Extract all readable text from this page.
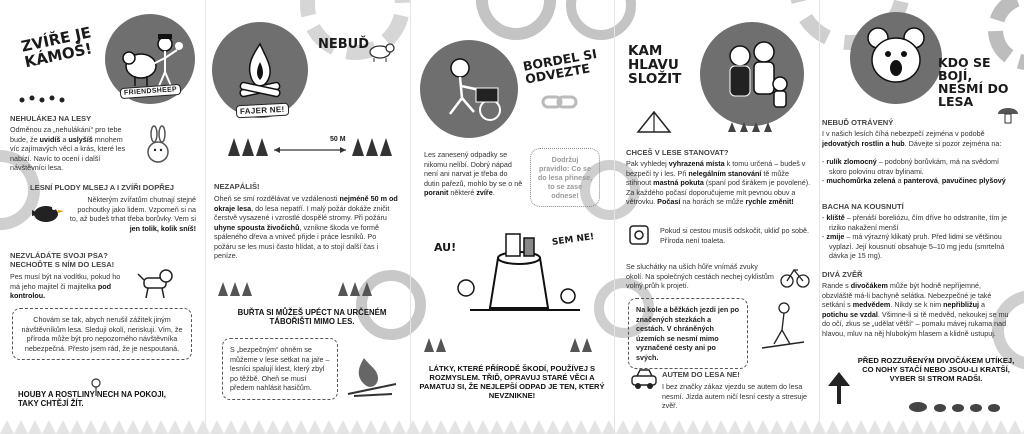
ZVÍŘE JE KÁMOŠ!
FRIENDSHEEP
NEHULÁKEJ NA LESY
Odměnou za „nehulákání“ pro tebe bude, že uvidíš a uslyšíš mnohem víc zajímavých věcí a krás, které les nabízí. Navíc to ocení i další návštěvníci lesa.
LESNÍ PLODY MLSEJ A I ZVÍŘI DOPŘEJ
Některým zvířatům chutnají stejné pochoutky jako lidem. Vzpomeň si na to, až budeš trhat třeba borůvky. Vem si jen tolik, kolik sníš!
NEZVLÁDÁTE SVOJI PSA? NECHOĎTE S NÍM DO LESA!
Pes musí být na vodítku, pokud ho má jeho majitel či majitelka pod kontrolou.
Chovám se tak, abych nerušil zážitek jiným návštěvníkům lesa. Sleduji okolí, neriskuji. Vím, že příroda může být pro nepozorného návštěvníka nebezpečná. Přesto jsem rád, že je nespoutaná.
HOUBY A ROSTLINY NECH NA POKOJI, TAKY CHTĚJÍ ŽÍT.
FAJER NE!
NEBUĎ
50 M
NEZAPÁLIŠ!
Oheň se smí rozdělávat ve vzdálenosti nejméně 50 m od okraje lesa, do lesa nepatří. I malý požár dokáže zničit čerstvě vysazené i vzrostlé dospělé stromy. Při požáru uhyne spousta živočichů, vznikne škoda ve formě spáleného dřeva a vniveč přijde i práce lesníků. Po požáru se les musí často hlídat, a to stojí další čas i peníze.
BUŘTA SI MŮŽEŠ UPÉCT NA URČENÉM TÁBOŘIŠTI MIMO LES.
S „bezpečným“ ohněm se můžeme v lese setkat na jaře – lesníci spalují klest, který zbyl po těžbě. Oheň se musí předem nahlásit hasičům.
BORDEL SI ODVEZTE
Les zanesený odpadky se nikomu nelíbí. Dobrý nápad není ani narvat je třeba do dutin pařezů, mohlo by se o ně poranit některé zvíře.
Dodržuj pravidlo: Co se do lesa přinese, to se zase odnese!
AU!	SEM NE!
LÁTKY, KTERÉ PŘÍRODĚ ŠKODÍ, POUŽÍVEJ S ROZMYSLEM. TŘIĎ, OPRAVUJ STARÉ VĚCI A PAMATUJ SI, ŽE NEJLEPŠÍ ODPAD JE TEN, KTERÝ NEVZNIKNE!
KAM HLAVU SLOŽIT
CHCEŠ V LESE STANOVAT?
Pak vyhledej vyhrazená místa k tomu určená – budeš v bezpečí ty i les. Při nelegálním stanování tě může stihnout mastná pokuta (spaní pod širákem je povolené). Za každého počasí doporučujeme mít pevnou obuv a větrovku. Počasí na horách se může rychle změnit!
Pokud si cestou musíš odskočit, ukliď po sobě. Příroda není toaleta.
Se sluchátky na uších hůře vnímáš zvuky okolí. Na společných cestách nechej cyklistům volný průh k projetí.
Na kole a běžkách jezdi jen po značených stezkách a cestách. V chráněných územích se nesmí mimo vyznačené cesty ani po svých.
AUTEM DO LESA NE!
I bez značky zákaz vjezdu se autem do lesa nesmí. Jízda autem ničí lesní cesty a stresuje zvěř.
KDO SE BOJÍ, NESMÍ DO LESA
NEBUĎ OTRÁVENÝ
I v našich lesích číhá nebezpečí zejména v podobě jedovatých rostlin a hub. Dávejte si pozor zejména na:
- rulík zlomocný – podobný borůvkám, má na svědomí skoro polovinu otrav bylinami.
- muchomůrka zelená a panterová, pavučinec plyšový
BACHA NA KOUSNUTÍ
- klíště – přenáší boreliózu, čím dříve ho odstraníte, tím je riziko nakažení menší
- zmije – má výrazný klikatý pruh. Před lidmi se většinou vyplazí. Její kousnutí obsahuje 5–10 mg jedu (smrtelná dávka je 15 mg).
DIVÁ ZVĚŘ
Rande s divočákem může být hodně nepříjemné, obzvláště má-li bachyně selátka. Nebezpečné je také setkání s medvědem. Nikdy se k nim nepřibližuj a potichu se vzdal. Všimne-li si tě medvěd, nekoukej se mu do očí, zkus se „udělat větší“ – pomalu mávej rukama nad hlavou, mluv na něj hlubokým hlasem a klidně ustupuj.
PŘED ROZZUŘENÝM DIVOČÁKEM UTÍKEJ, CO NOHY STAČÍ NEBO JSOU-LI KRATŠÍ, VYBER SI STROM RADŠI.
